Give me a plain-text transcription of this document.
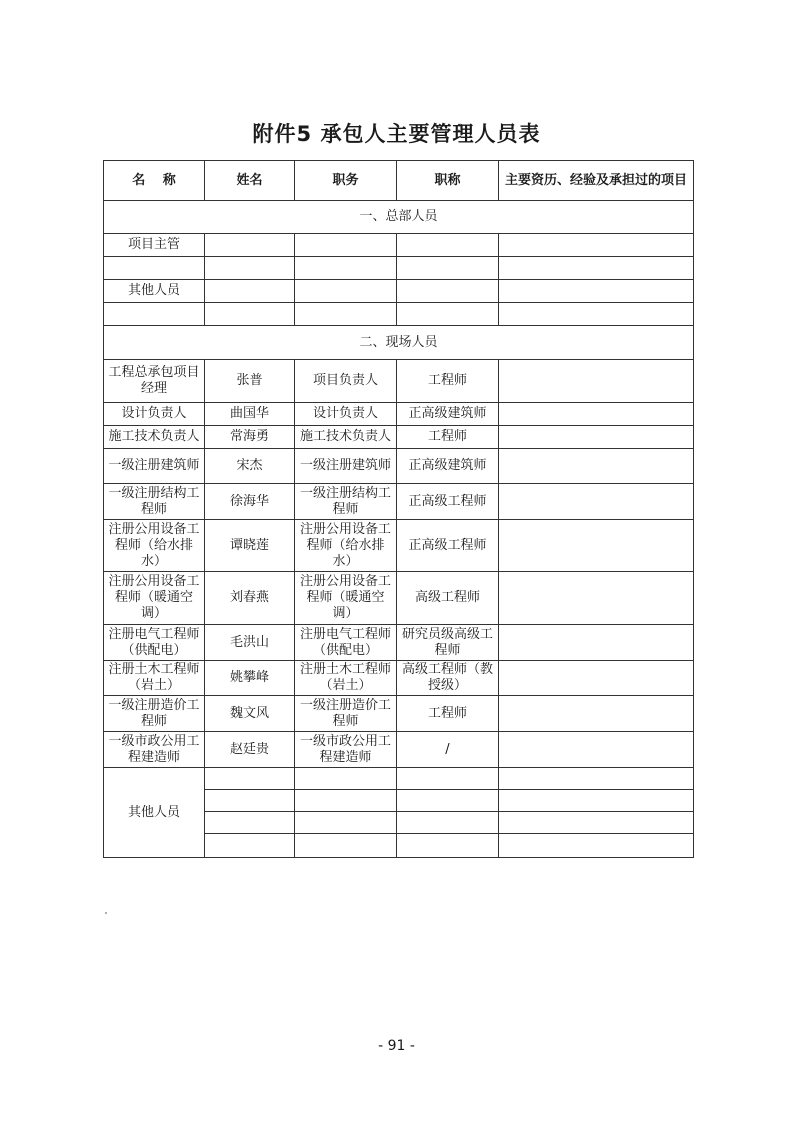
附件5 承包人主要管理人员表
名　 称	姓名	职务	职称	主要资历、经验及承担过的项目
一、总部人员				
项目主管				

其他人员				

二、现场人员				
工程总承包项目经理	张普	项目负责人	工程师	
设计负责人	曲国华	设计负责人	正高级建筑师	
施工技术负责人	常海勇	施工技术负责人	工程师	
一级注册建筑师	宋杰	一级注册建筑师	正高级建筑师	
一级注册结构工程师	徐海华	一级注册结构工程师	正高级工程师	
注册公用设备工程师（给水排水）	谭晓莲	注册公用设备工程师（给水排水）	正高级工程师	
注册公用设备工程师（暖通空调）	刘春燕	注册公用设备工程师（暖通空调）	高级工程师	
注册电气工程师（供配电）	毛洪山	注册电气工程师（供配电）	研究员级高级工程师	
注册土木工程师（岩土）	姚攀峰	注册土木工程师（岩土）	高级工程师（教授级）	
一级注册造价工程师	魏文风	一级注册造价工程师	工程师	
一级市政公用工程建造师	赵廷贵	一级市政公用工程建造师	/	
其他人员				

- 91 -
